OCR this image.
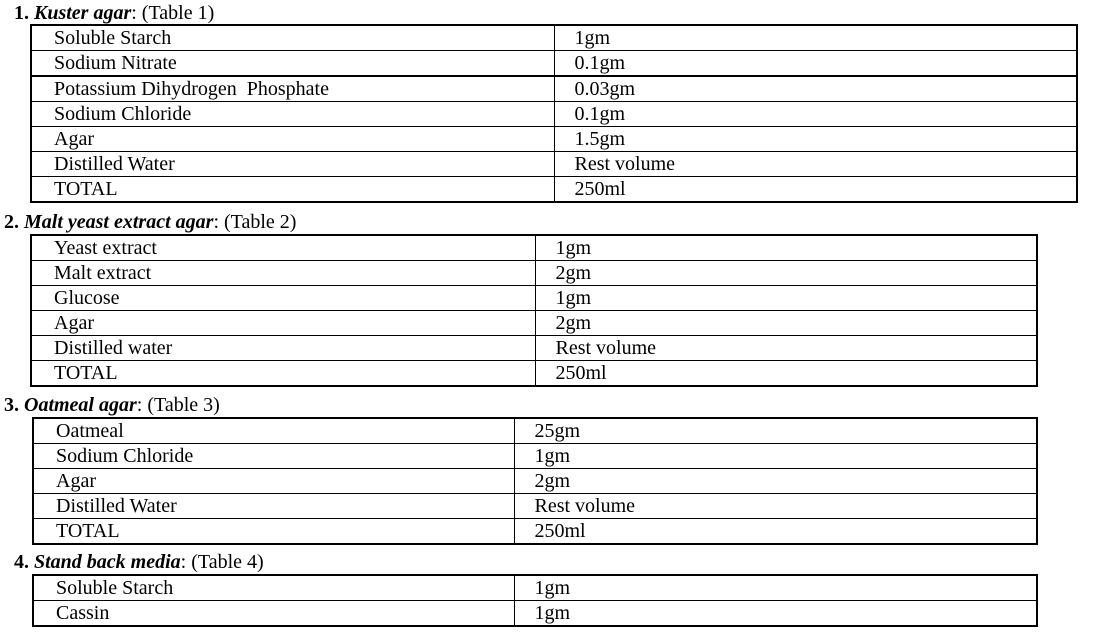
1. Kuster agar: (Table 1)
Soluble Starch	1gm
Sodium Nitrate	0.1gm
Potassium Dihydrogen  Phosphate	0.03gm
Sodium Chloride	0.1gm
Agar	1.5gm
Distilled Water	Rest volume
TOTAL	250ml
2. Malt yeast extract agar: (Table 2)
Yeast extract	1gm
Malt extract	2gm
Glucose	1gm
Agar	2gm
Distilled water	Rest volume
TOTAL	250ml
3. Oatmeal agar: (Table 3)
Oatmeal	25gm
Sodium Chloride	1gm
Agar	2gm
Distilled Water	Rest volume
TOTAL	250ml
4. Stand back media: (Table 4)
Soluble Starch	1gm
Cassin	1gm
